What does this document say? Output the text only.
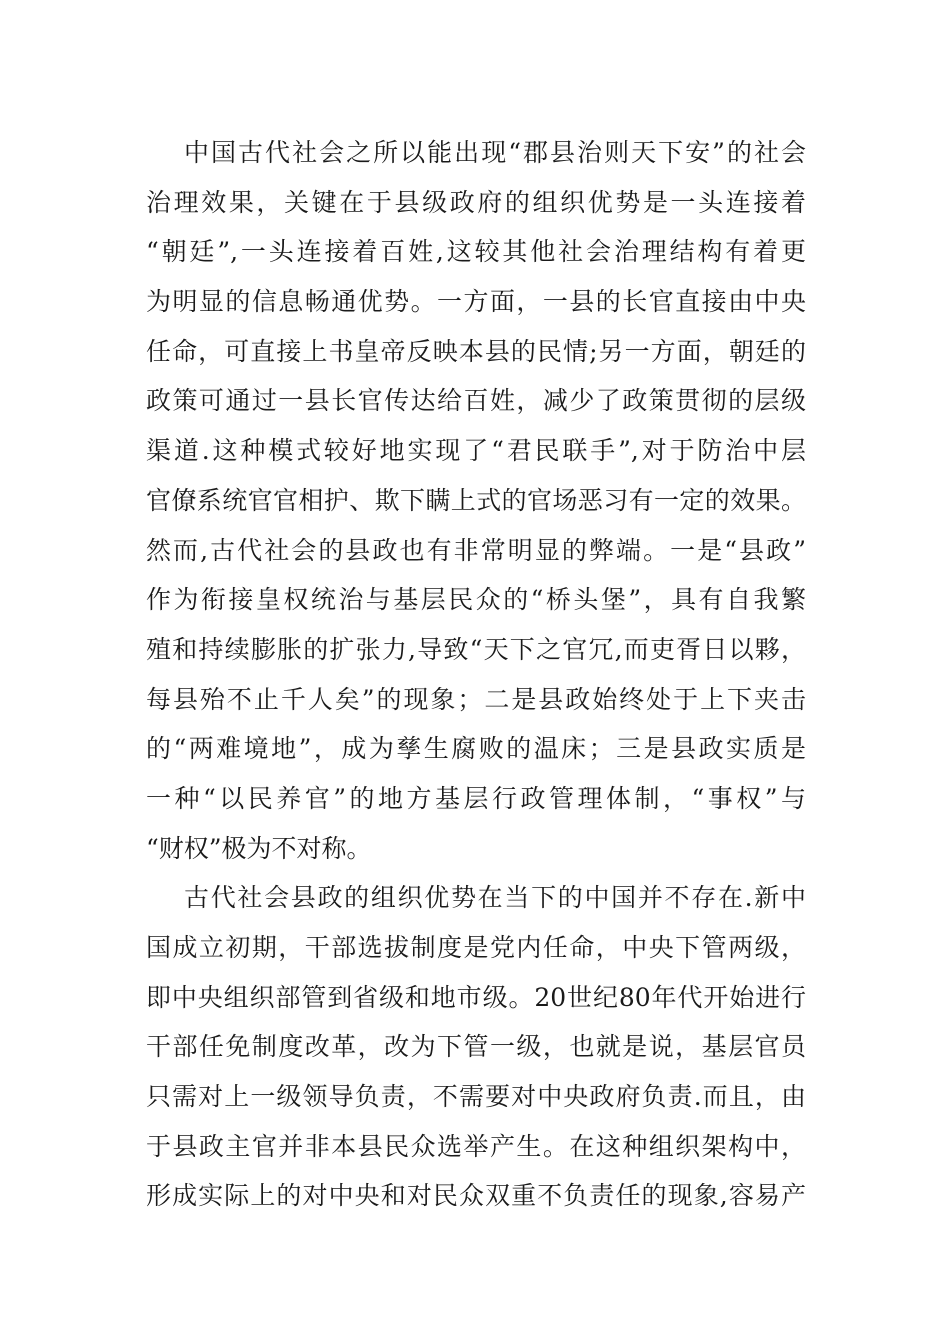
中国古代社会之所以能出现“郡县治则天下安”的社会
治理效果，关键在于县级政府的组织优势是一头连接着
“朝廷”,一头连接着百姓,这较其他社会治理结构有着更
为明显的信息畅通优势。一方面，一县的长官直接由中央
任命，可直接上书皇帝反映本县的民情;另一方面，朝廷的
政策可通过一县长官传达给百姓，减少了政策贯彻的层级
渠道.这种模式较好地实现了“君民联手”,对于防治中层
官僚系统官官相护、欺下瞒上式的官场恶习有一定的效果。
然而,古代社会的县政也有非常明显的弊端。一是“县政”
作为衔接皇权统治与基层民众的“桥头堡”，具有自我繁
殖和持续膨胀的扩张力,导致“天下之官冗,而吏胥日以夥，
每县殆不止千人矣”的现象；二是县政始终处于上下夹击
的“两难境地”，成为孳生腐败的温床；三是县政实质是
一种“以民养官”的地方基层行政管理体制，“事权”与
“财权”极为不对称。
古代社会县政的组织优势在当下的中国并不存在.新中
国成立初期，干部选拔制度是党内任命，中央下管两级，
即中央组织部管到省级和地市级。20世纪80年代开始进行
干部任免制度改革，改为下管一级，也就是说，基层官员
只需对上一级领导负责，不需要对中央政府负责.而且，由
于县政主官并非本县民众选举产生。在这种组织架构中，
形成实际上的对中央和对民众双重不负责任的现象,容易产
